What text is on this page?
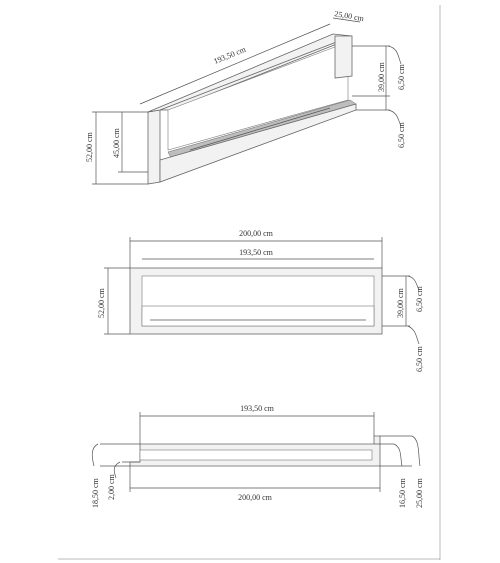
193,50 cm
25,00 cm
52,00 cm 45,00 cm
39,00 cm 6,50 cm
6,50 cm
200,00 cm
193,50 cm
52,00 cm	39,00 cm 6,50 cm
6,50 cm
193,50 cm
200,00 cm
18,50 cm 2,00 cm	16,50 cm 25,00 cm
